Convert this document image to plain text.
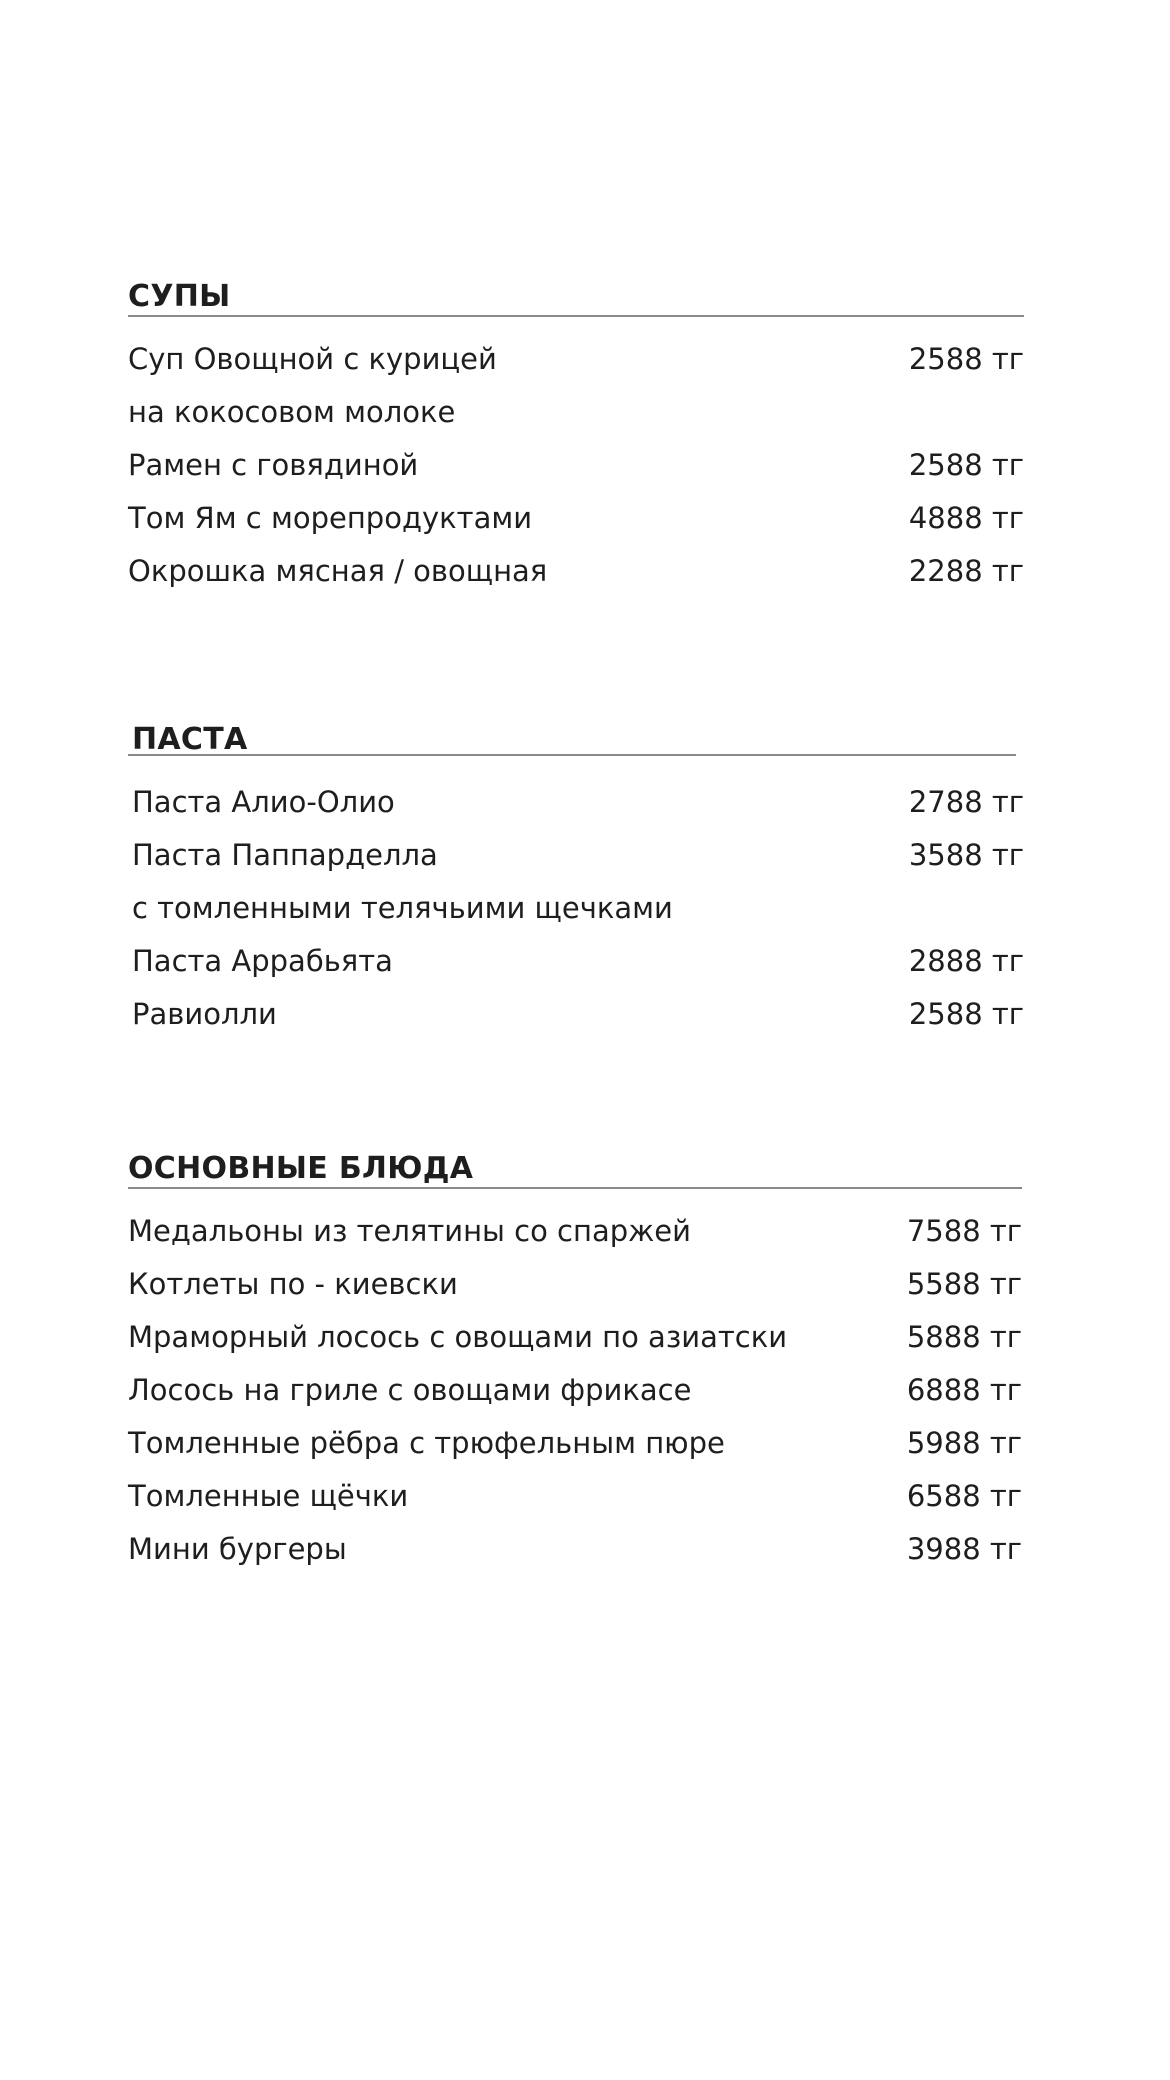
СУПЫ
Суп Овощной с курицей	2588 тг
на кокосовом молоке
Рамен с говядиной	2588 тг
Том Ям с морепродуктами	4888 тг
Окрошка мясная / овощная	2288 тг
ПАСТА
Паста Алио-Олио	2788 тг
Паста Паппарделла	3588 тг
с томленными телячьими щечками
Паста Аррабьята	2888 тг
Равиолли	2588 тг
ОСНОВНЫЕ БЛЮДА
Медальоны из телятины со спаржей	7588 тг
Котлеты по - киевски	5588 тг
Мраморный лосось с овощами по азиатски	5888 тг
Лосось на гриле с овощами фрикасе	6888 тг
Томленные рёбра с трюфельным пюре	5988 тг
Томленные щёчки	6588 тг
Мини бургеры	3988 тг
